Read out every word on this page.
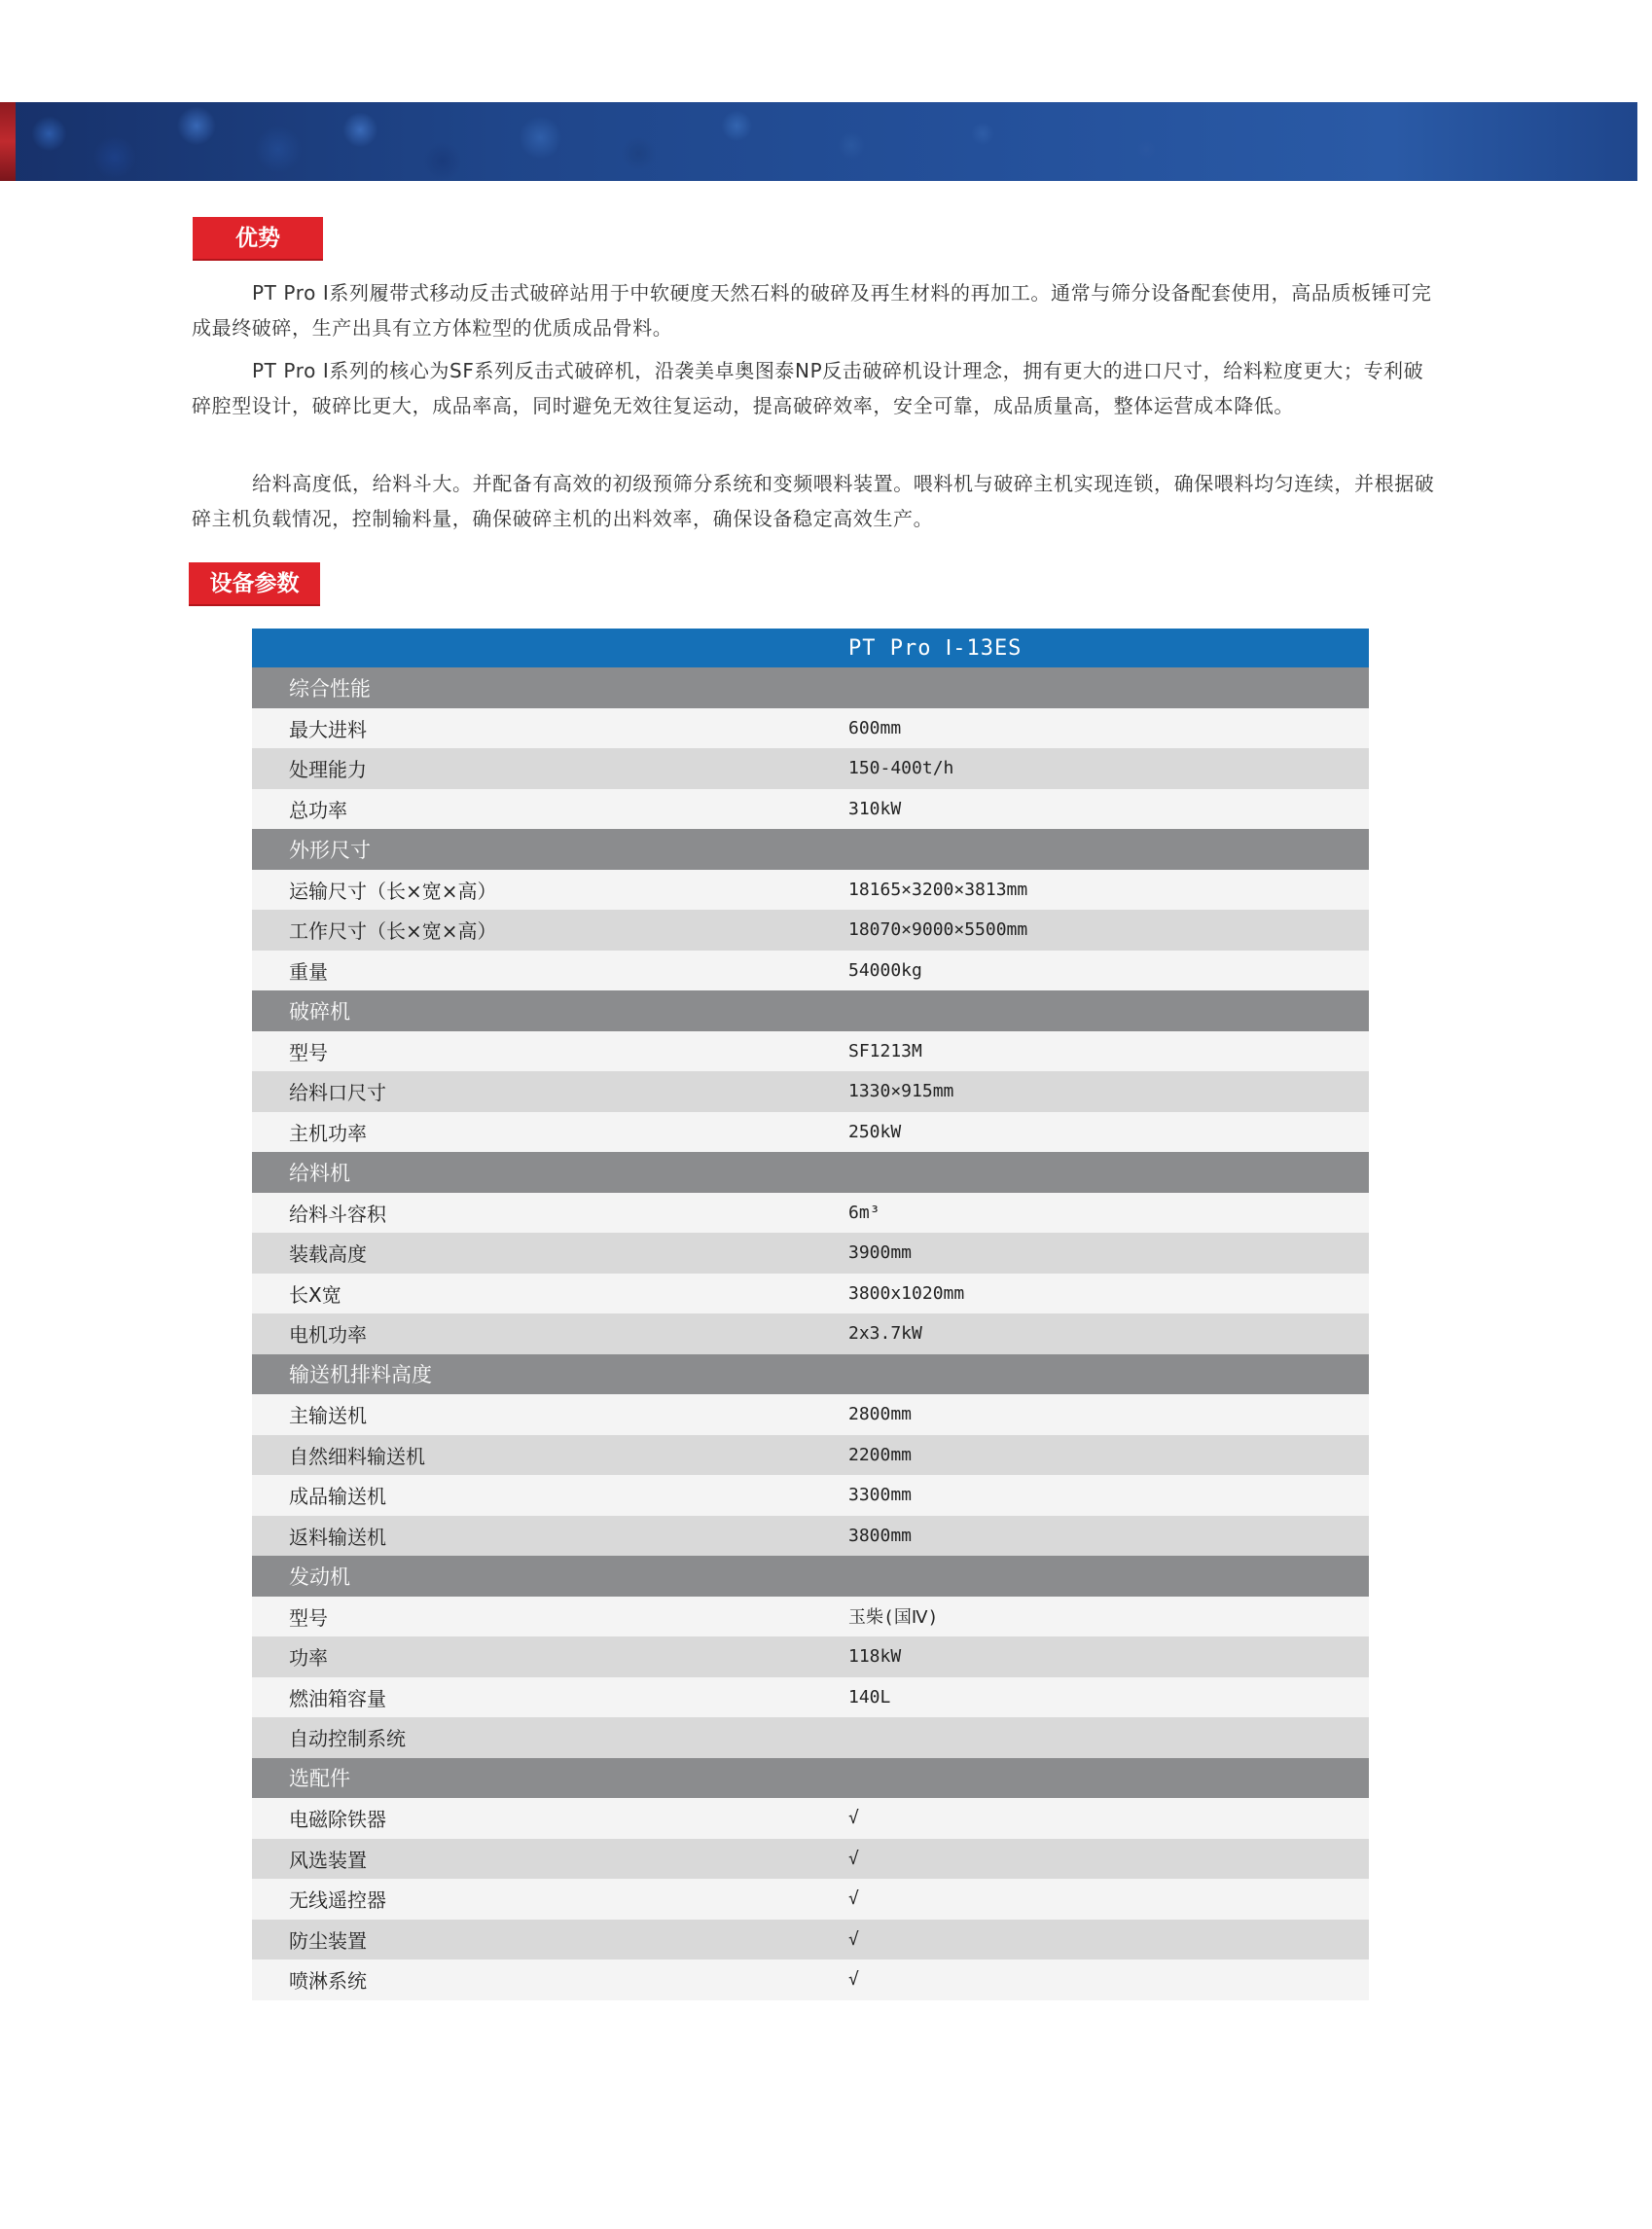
优势

PT Pro Ⅰ系列履带式移动反击式破碎站用于中软硬度天然石料的破碎及再生材料的再加工。通常与筛分设备配套使用，高品质板锤可完成最终破碎，生产出具有立方体粒型的优质成品骨料。

PT Pro Ⅰ系列的核心为SF系列反击式破碎机，沿袭美卓奥图泰NP反击破碎机设计理念，拥有更大的进口尺寸，给料粒度更大；专利破碎腔型设计，破碎比更大，成品率高，同时避免无效往复运动，提高破碎效率，安全可靠，成品质量高，整体运营成本降低。

给料高度低，给料斗大。并配备有高效的初级预筛分系统和变频喂料装置。喂料机与破碎主机实现连锁，确保喂料均匀连续，并根据破碎主机负载情况，控制输料量，确保破碎主机的出料效率，确保设备稳定高效生产。

设备参数
	PT Pro Ⅰ-13ES
综合性能	
最大进料	600mm
处理能力	150-400t/h
总功率	310kW
外形尺寸	
运输尺寸（长×宽×高）	18165×3200×3813mm
工作尺寸（长×宽×高）	18070×9000×5500mm
重量	54000kg
破碎机	
型号	SF1213M
给料口尺寸	1330×915mm
主机功率	250kW
给料机	
给料斗容积	6m³
装载高度	3900mm
长X宽	3800x1020mm
电机功率	2x3.7kW
输送机排料高度	
主输送机	2800mm
自然细料输送机	2200mm
成品输送机	3300mm
返料输送机	3800mm
发动机	
型号	玉柴(国Ⅳ)
功率	118kW
燃油箱容量	140L
自动控制系统	
选配件	
电磁除铁器	√
风选装置	√
无线遥控器	√
防尘装置	√
喷淋系统	√
